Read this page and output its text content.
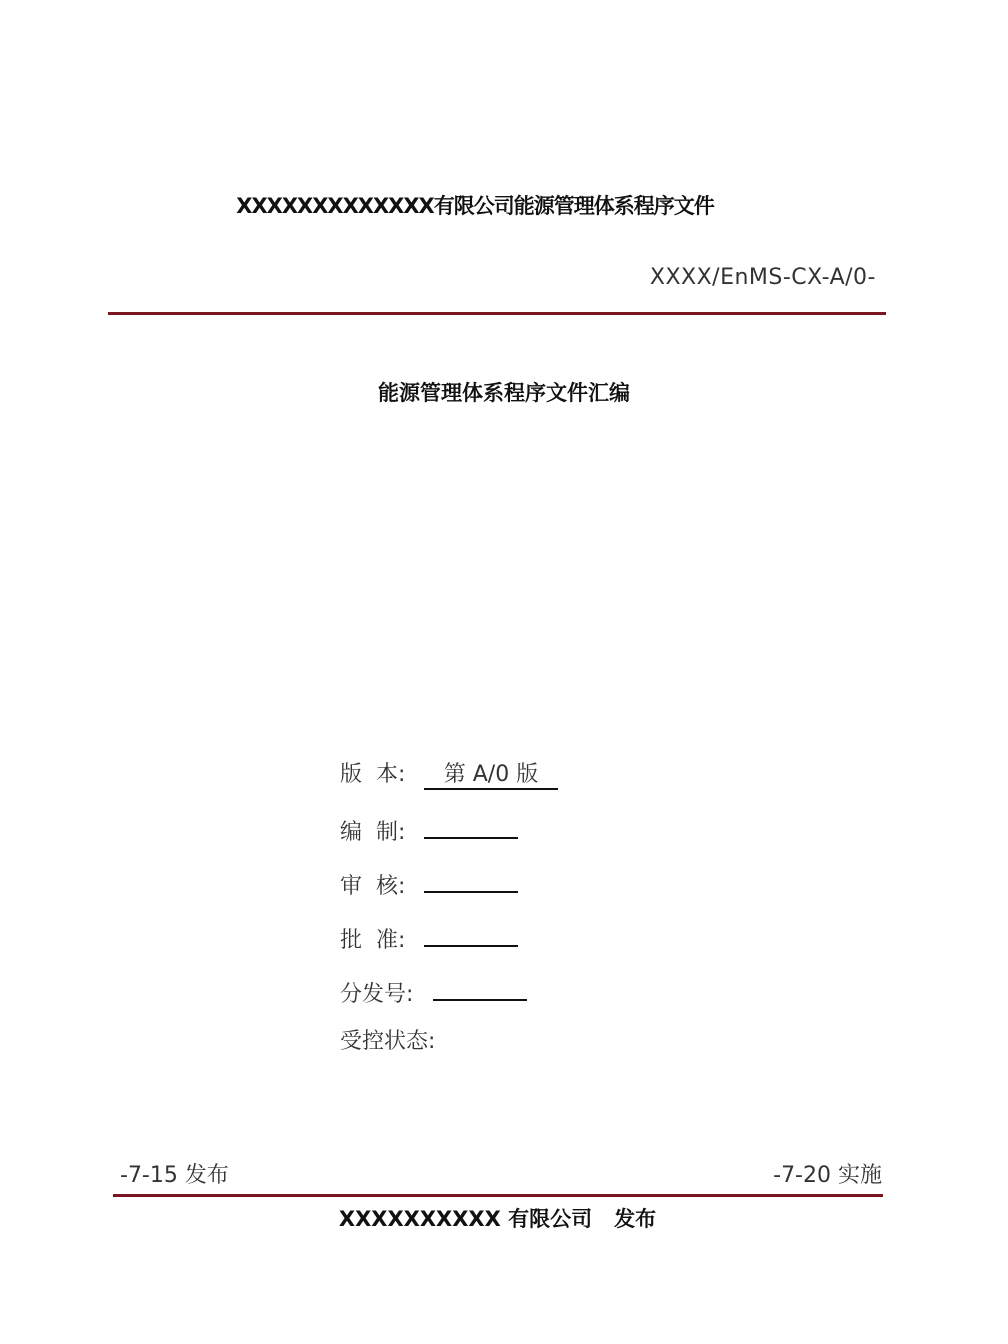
XXXXXXXXXXXXX有限公司能源管理体系程序文件
XXXX/EnMS-CX-A/0-
能源管理体系程序文件汇编
版  本:	第 A/0 版
编  制:
审  核:
批  准:
分发号:
受控状态:
-7-15 发布	-7-20 实施
XXXXXXXXXX 有限公司 发布
